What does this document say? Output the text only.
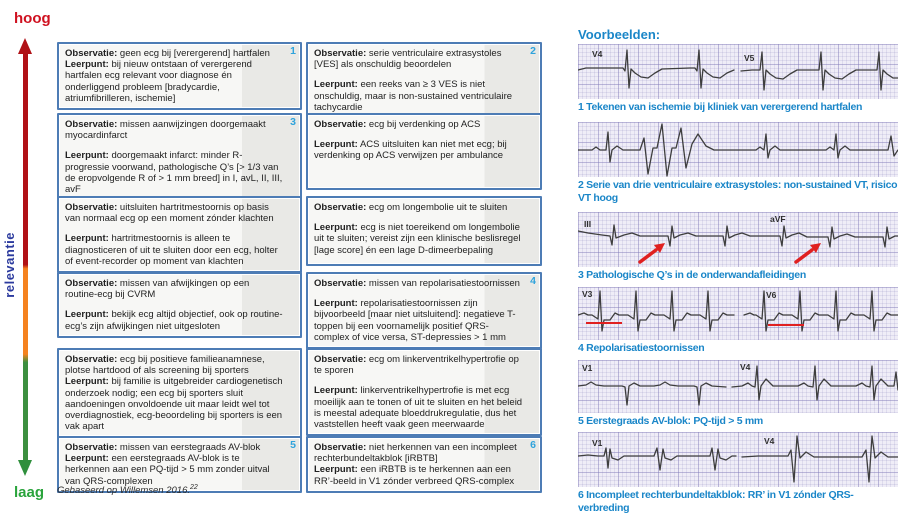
hoog
relevantie
laag
1

Observatie: geen ecg bij [verergerend] hartfalen

Leerpunt: bij nieuw ontstaan of verergerend hartfalen ecg relevant voor diagnose én onderliggend probleem [bradycardie, atriumfibrilleren, ischemie]

3

Observatie: missen aanwijzingen doorgemaakt myocardinfarct

Leerpunt: doorgemaakt infarct: minder R-progressie voorwand, pathologische Q’s [> 1/3 van de eropvolgende R of > 1 mm breed] in I, avL, II, III, avF

Observatie: uitsluiten hartritmestoornis op basis van normaal ecg op een moment zónder klachten

Leerpunt: hartritmestoornis is alleen te diagnosticeren of uit te sluiten door een ecg, holter of event-recorder op moment van klachten

Observatie: missen van afwijkingen op een routine-ecg bij CVRM

Leerpunt: bekijk ecg altijd objectief, ook op routine-ecg’s zijn afwijkingen niet uitgesloten

Observatie: ecg bij positieve familieanamnese, plotse hartdood of als screening bij sporters

Leerpunt: bij familie is uitgebreider cardiogenetisch onderzoek nodig; een ecg bij sporters sluit aandoeningen onvoldoende uit maar leidt wel tot overdiagnostiek, ecg-beoordeling bij sporters is een vak apart

5

Observatie: missen van eerstegraads AV-blok

Leerpunt: een eerstegraads AV-blok is te herkennen aan een PQ-tijd > 5 mm zonder uitval van QRS-complexen

2

Observatie: serie ventriculaire extrasystoles [VES] als onschuldig beoordelen

Leerpunt: een reeks van ≥ 3 VES is niet onschuldig, maar is non-sustained ventriculaire tachycardie

Observatie: ecg bij verdenking op ACS

Leerpunt: ACS uitsluiten kan niet met ecg; bij verdenking op ACS verwijzen per ambulance

Observatie: ecg om longembolie uit te sluiten

Leerpunt: ecg is niet toereikend om longembolie uit te sluiten; vereist zijn een klinische beslisregel [lage score] én een lage D-dimeerbepaling

4

Observatie: missen van repolarisatiestoornissen

Leerpunt: repolarisatiestoornissen zijn bijvoorbeeld [maar niet uitsluitend]: negatieve T-toppen bij een voornamelijk positief QRS-complex of vice versa, ST-depressies > 1 mm

Observatie: ecg om linkerventrikelhypertrofie op te sporen

Leerpunt: linkerventrikelhypertrofie is met ecg moeilijk aan te tonen of uit te sluiten en het beleid is meestal adequate bloeddrukregulatie, dus het vaststellen heeft vaak geen meerwaarde

6

Observatie: niet herkennen van een incompleet rechterbundeltakblok [iRBTB]

Leerpunt: een iRBTB is te herkennen aan een RR’-beeld in V1 zónder verbreed QRS-complex

Gebaseerd op Willemsen 2016.22
Voorbeelden:
V4	V5
1 Tekenen van ischemie bij kliniek van verergerend hartfalen
2 Serie van drie ventriculaire extrasystoles: non-sustained VT, risico VT hoog
III	aVF
3 Pathologische Q’s in de onderwandafleidingen
V3	V6
4 Repolarisatiestoornissen
V1	V4
5 Eerstegraads AV-blok: PQ-tijd > 5 mm
V1	V4
6 Incompleet rechterbundeltakblok: RR’ in V1 zónder QRS-verbreding
